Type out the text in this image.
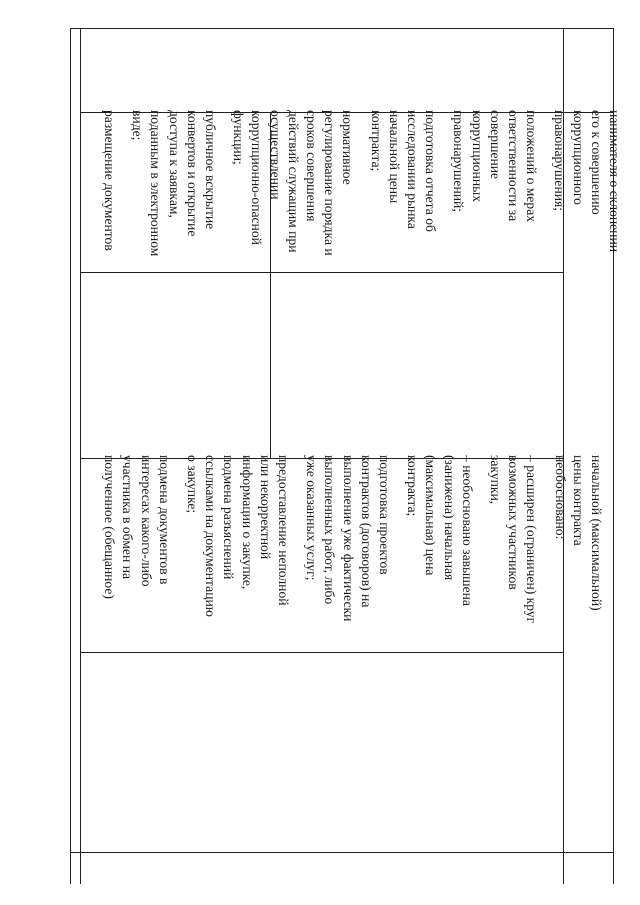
нанимателя о склонении
его к совершению
коррупционного
правонарушения;
положений о мерах
ответственности за
совершение
коррупционных
правонарушений;
подготовка отчета об
исследовании рынка
начальной цены
контракта;
нормативное
регулирование порядка и
сроков совершения
действий служащим при
осуществлении
коррупционно-опасной
функции;
публичное вскрытие
конвертов и открытие
доступа к заявкам,
поданным в электронном
виде;
размещение документов
начальной (максимальной)
цены контракта
необосновано:
– расширен (ограничен) круг
возможных участников
закупки,
– необосновано завышена
(занижена) начальная
(максимальная) цена
контракта;
подготовка проектов
контрактов (договоров) на
выполнение уже фактически
выполненных работ, либо
уже оказанных услуг;
предоставление неполной
или некорректной
информации о закупке,
подмена разъяснений
ссылками на документацию
о закупке;
подмена документов в
интересах какого-либо
участника в обмен на
полученное (обещанное)
